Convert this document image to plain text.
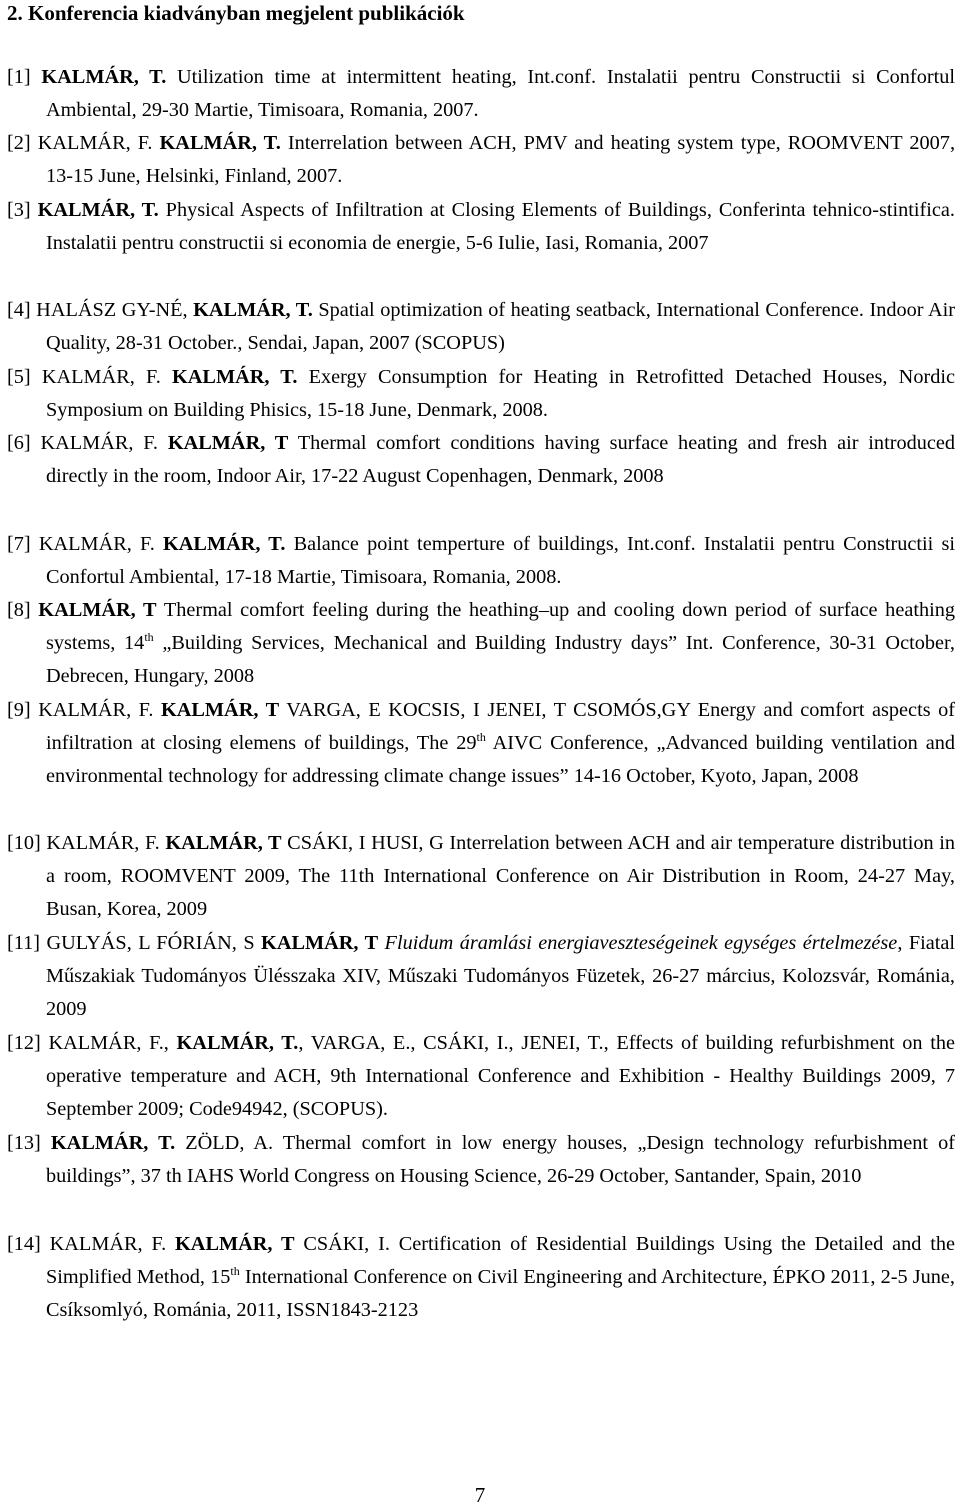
2. Konferencia kiadványban megjelent publikációk
[1] KALMÁR, T. Utilization time at intermittent heating, Int.conf. Instalatii pentru Constructii si Confortul Ambiental, 29-30 Martie, Timisoara, Romania, 2007.
[2] KALMÁR, F. KALMÁR, T. Interrelation between ACH, PMV and heating system type, ROOMVENT 2007, 13-15 June, Helsinki, Finland, 2007.
[3] KALMÁR, T. Physical Aspects of Infiltration at Closing Elements of Buildings, Conferinta tehnico-stintifica. Instalatii pentru constructii si economia de energie, 5-6 Iulie, Iasi, Romania, 2007
[4] HALÁSZ GY-NÉ, KALMÁR, T. Spatial optimization of heating seatback, International Conference. Indoor Air Quality, 28-31 October., Sendai, Japan, 2007 (SCOPUS)
[5] KALMÁR, F. KALMÁR, T. Exergy Consumption for Heating in Retrofitted Detached Houses, Nordic Symposium on Building Phisics, 15-18 June, Denmark, 2008.
[6] KALMÁR, F. KALMÁR, T Thermal comfort conditions having surface heating and fresh air introduced directly in the room, Indoor Air, 17-22 August Copenhagen, Denmark, 2008
[7] KALMÁR, F. KALMÁR, T. Balance point temperture of buildings, Int.conf. Instalatii pentru Constructii si Confortul Ambiental, 17-18 Martie, Timisoara, Romania, 2008.
[8] KALMÁR, T Thermal comfort feeling during the heathing–up and cooling down period of surface heathing systems, 14th „Building Services, Mechanical and Building Industry days” Int. Conference, 30-31 October, Debrecen, Hungary, 2008
[9] KALMÁR, F. KALMÁR, T VARGA, E KOCSIS, I JENEI, T CSOMÓS,GY Energy and comfort aspects of infiltration at closing elemens of buildings, The 29th AIVC Conference, „Advanced building ventilation and environmental technology for addressing climate change issues” 14-16 October, Kyoto, Japan, 2008
[10] KALMÁR, F. KALMÁR, T CSÁKI, I HUSI, G Interrelation between ACH and air temperature distribution in a room, ROOMVENT 2009, The 11th International Conference on Air Distribution in Room, 24-27 May, Busan, Korea, 2009
[11] GULYÁS, L FÓRIÁN, S KALMÁR, T Fluidum áramlási energiaveszteségeinek egységes értelmezése, Fiatal Műszakiak Tudományos Ülésszaka XIV, Műszaki Tudományos Füzetek, 26-27 március, Kolozsvár, Románia, 2009
[12] KALMÁR, F., KALMÁR, T., VARGA, E., CSÁKI, I., JENEI, T., Effects of building refurbishment on the operative temperature and ACH, 9th International Conference and Exhibition - Healthy Buildings 2009, 7 September 2009; Code94942, (SCOPUS).
[13] KALMÁR, T. ZÖLD, A. Thermal comfort in low energy houses, „Design technology refurbishment of buildings”, 37 th IAHS World Congress on Housing Science, 26-29 October, Santander, Spain, 2010
[14] KALMÁR, F. KALMÁR, T CSÁKI, I. Certification of Residential Buildings Using the Detailed and the Simplified Method, 15th International Conference on Civil Engineering and Architecture, ÉPKO 2011, 2-5 June, Csíksomlyó, Románia, 2011, ISSN1843-2123
7
